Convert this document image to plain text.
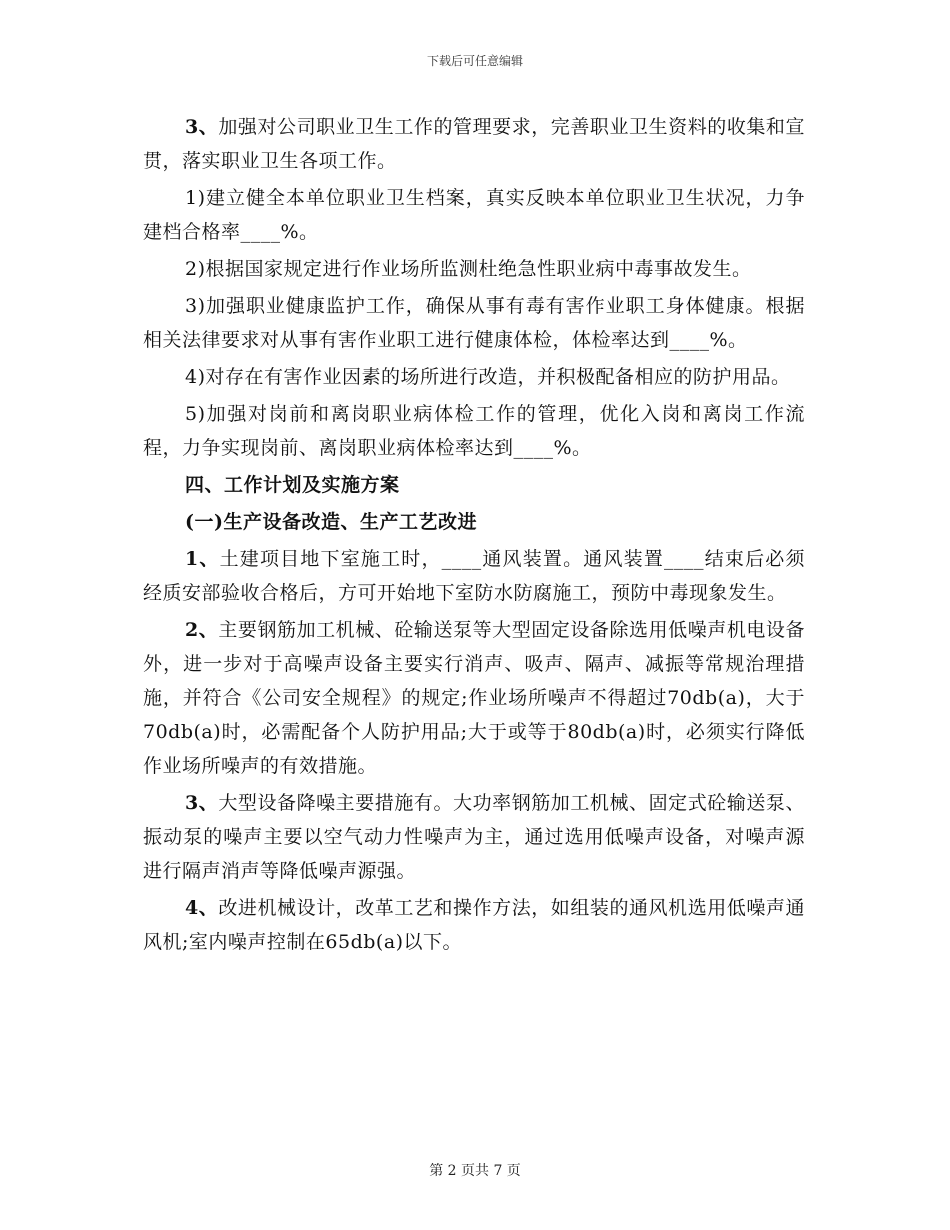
下载后可任意编辑

3、加强对公司职业卫生工作的管理要求，完善职业卫生资料的收集和宣贯，落实职业卫生各项工作。

1)建立健全本单位职业卫生档案，真实反映本单位职业卫生状况，力争建档合格率____%。

2)根据国家规定进行作业场所监测杜绝急性职业病中毒事故发生。

3)加强职业健康监护工作，确保从事有毒有害作业职工身体健康。根据相关法律要求对从事有害作业职工进行健康体检，体检率达到____%。

4)对存在有害作业因素的场所进行改造，并积极配备相应的防护用品。

5)加强对岗前和离岗职业病体检工作的管理，优化入岗和离岗工作流程，力争实现岗前、离岗职业病体检率达到____%。

四、工作计划及实施方案

(一)生产设备改造、生产工艺改进

1、土建项目地下室施工时，____通风装置。通风装置____结束后必须经质安部验收合格后，方可开始地下室防水防腐施工，预防中毒现象发生。

2、主要钢筋加工机械、砼输送泵等大型固定设备除选用低噪声机电设备外，进一步对于高噪声设备主要实行消声、吸声、隔声、减振等常规治理措施，并符合《公司安全规程》的规定;作业场所噪声不得超过70db(a)，大于70db(a)时，必需配备个人防护用品;大于或等于80db(a)时，必须实行降低作业场所噪声的有效措施。

3、大型设备降噪主要措施有。大功率钢筋加工机械、固定式砼输送泵、振动泵的噪声主要以空气动力性噪声为主，通过选用低噪声设备，对噪声源进行隔声消声等降低噪声源强。

4、改进机械设计，改革工艺和操作方法，如组装的通风机选用低噪声通风机;室内噪声控制在65db(a)以下。

第 2 页共 7 页
